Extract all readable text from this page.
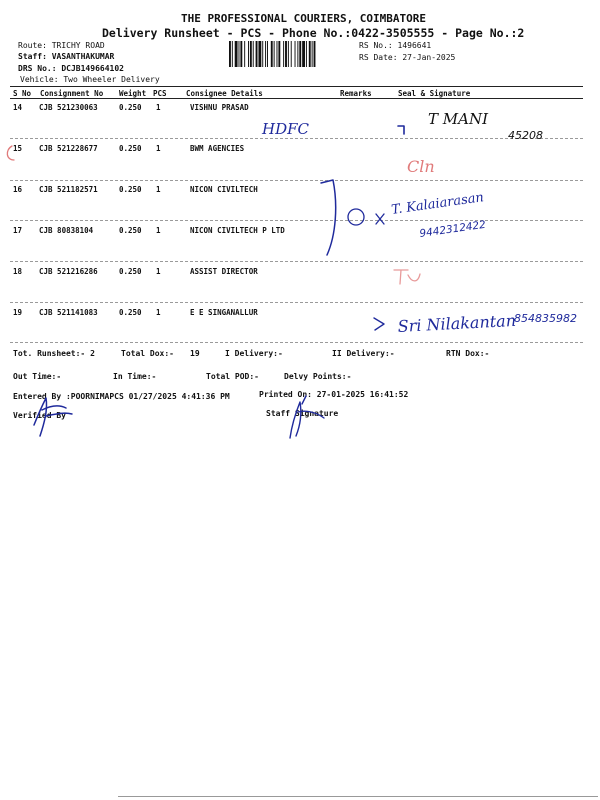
THE PROFESSIONAL COURIERS, COIMBATORE
Delivery Runsheet - PCS - Phone No.:0422-3505555 - Page No.:2
Route: TRICHY ROAD
Staff: VASANTHAKUMAR
DRS No.: DCJB149664102
Vehicle: Two Wheeler Delivery
RS No.: 1496641
RS Date: 27-Jan-2025
S No Consignment No Weight PCS	Consignee Details	Remarks	Seal & Signature
14 CJB 521230063	0.250 1	VISHNU PRASAD
15 CJB 521228677	0.250 1	BWM AGENCIES
16 CJB 521182571	0.250 1	NICON CIVILTECH
17 CJB 80838104	0.250 1	NICON CIVILTECH P LTD
18 CJB 521216286	0.250 1	ASSIST DIRECTOR
19 CJB 521141083	0.250 1	E E SINGANALLUR
Tot. Runsheet:- 2	Total Dox:- 19	I Delivery:-	II Delivery:-	RTN Dox:-
Out Time:-	In Time:-	Total POD:-	Delvy Points:-
Entered By :POORNIMAPCS 01/27/2025 4:41:36 PM	Printed On: 27-01-2025 16:41:52
Verified By	Staff Signature
HDFC
T MANI
45208
Cln
T. Kalaiarasan
9442312422
Sri Nilakantan
854835982
